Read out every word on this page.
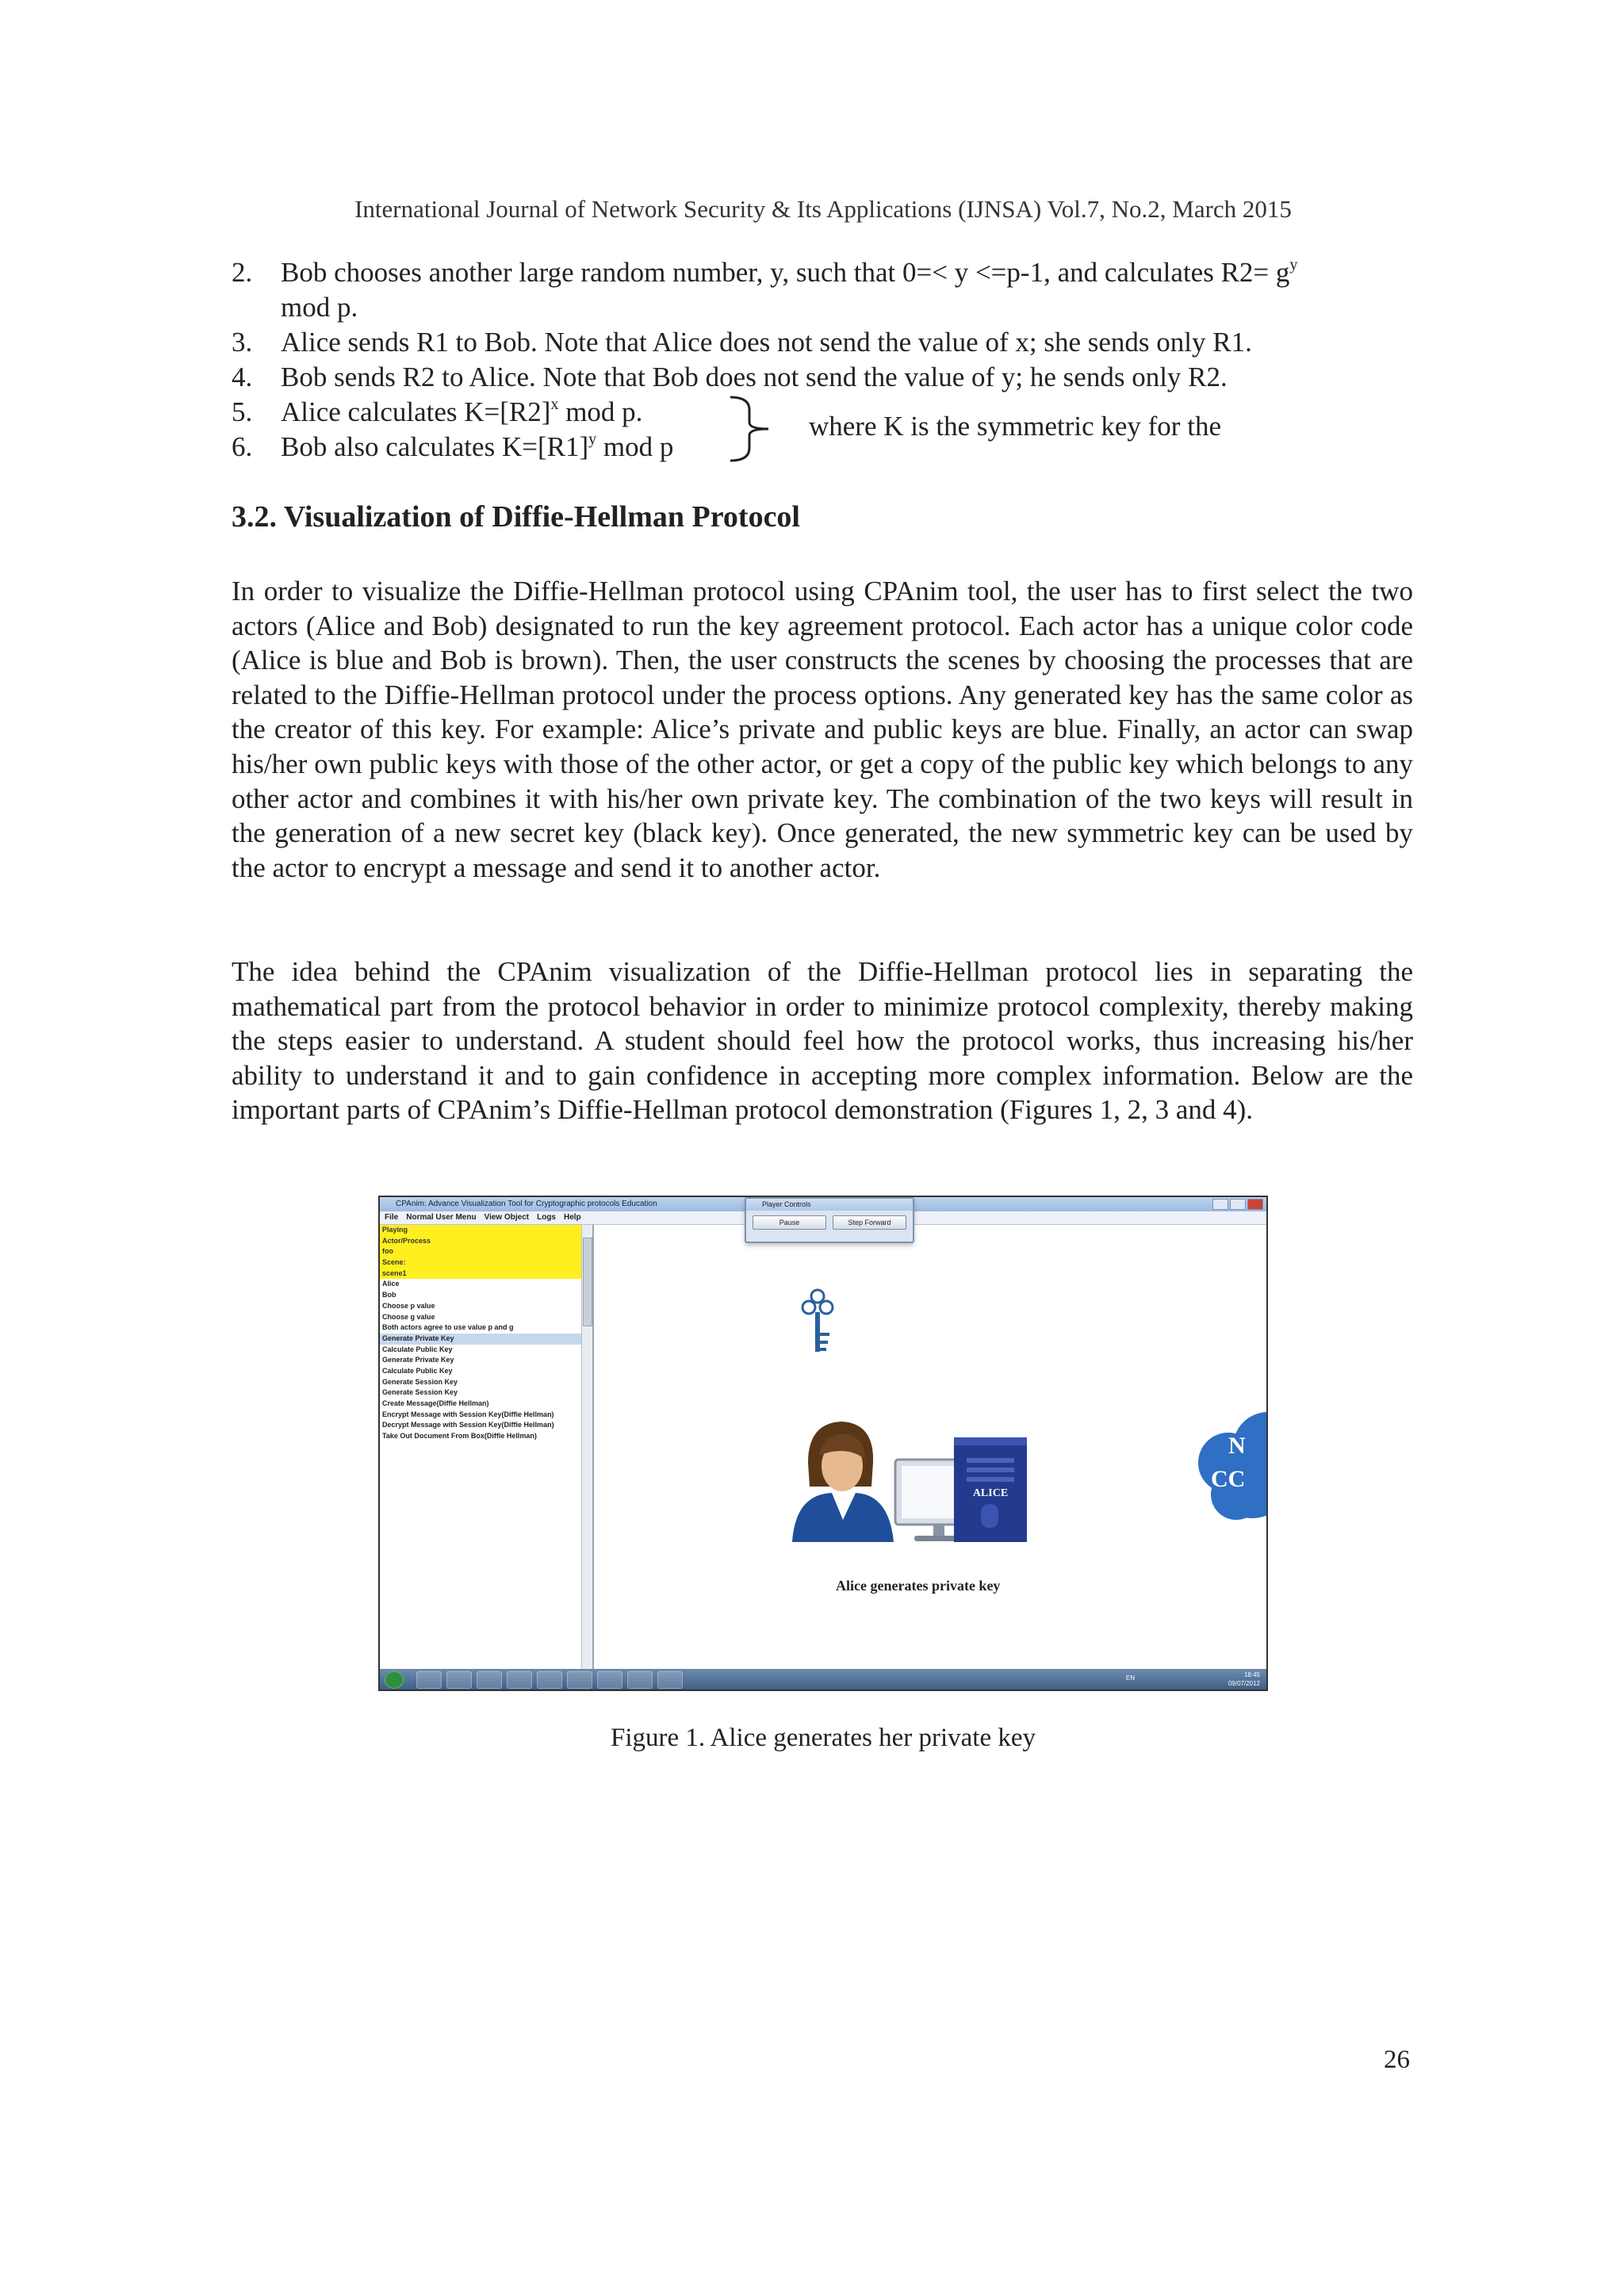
International Journal of Network Security & Its Applications (IJNSA) Vol.7, No.2, March 2015
2.	Bob chooses another large random number, y, such that 0=< y <=p-1, and calculates $R2= g^y$
mod p.
3.	Alice sends R1 to Bob. Note that Alice does not send the value of x; she sends only R1.
4.	Bob sends R2 to Alice. Note that Bob does not send the value of y; he sends only R2.
5.	Alice calculates $K=[R2]^x$ mod p.
6.	Bob also calculates $K=[R1]^y$ mod p
where K is the symmetric key for the
3.2. Visualization of Diffie-Hellman Protocol

In order to visualize the Diffie-Hellman protocol using CPAnim tool, the user has to first select the two actors (Alice and Bob) designated to run the key agreement protocol. Each actor has a unique color code (Alice is blue and Bob is brown). Then, the user constructs the scenes by choosing the processes that are related to the Diffie-Hellman protocol under the process options. Any generated key has the same color as the creator of this key. For example: Alice’s private and public keys are blue. Finally, an actor can swap his/her own public keys with those of the other actor, or get a copy of the public key which belongs to any other actor and combines it with his/her own private key. The combination of the two keys will result in the generation of a new secret key (black key). Once generated, the new symmetric key can be used by the actor to encrypt a message and send it to another actor.

The idea behind the CPAnim visualization of the Diffie-Hellman protocol lies in separating the mathematical part from the protocol behavior in order to minimize protocol complexity, thereby making the steps easier to understand. A student should feel how the protocol works, thus increasing his/her ability to understand it and to gain confidence in accepting more complex information. Below are the important parts of CPAnim’s Diffie-Hellman protocol demonstration (Figures 1, 2, 3 and 4).

CPAnim: Advance Visualization Tool for Cryptographic protocols Education
File Normal User Menu View Object Logs Help
Playing
Actor/Process
foo
Scene:
scene1
Alice
Bob
Choose p value
Choose g value
Both actors agree to use value p and g
Generate Private Key
Calculate Public Key
Generate Private Key
Calculate Public Key
Generate Session Key
Generate Session Key
Create Message(Diffie Hellman)
Encrypt Message with Session Key(Diffie Hellman)
Decrypt Message with Session Key(Diffie Hellman)
Take Out Document From Box(Diffie Hellman)
ALICE
N
CC
Alice generates private key
Player Controls
Pause	Step Forward
EN	18:45
09/07/2012

Figure 1. Alice generates her private key

26
